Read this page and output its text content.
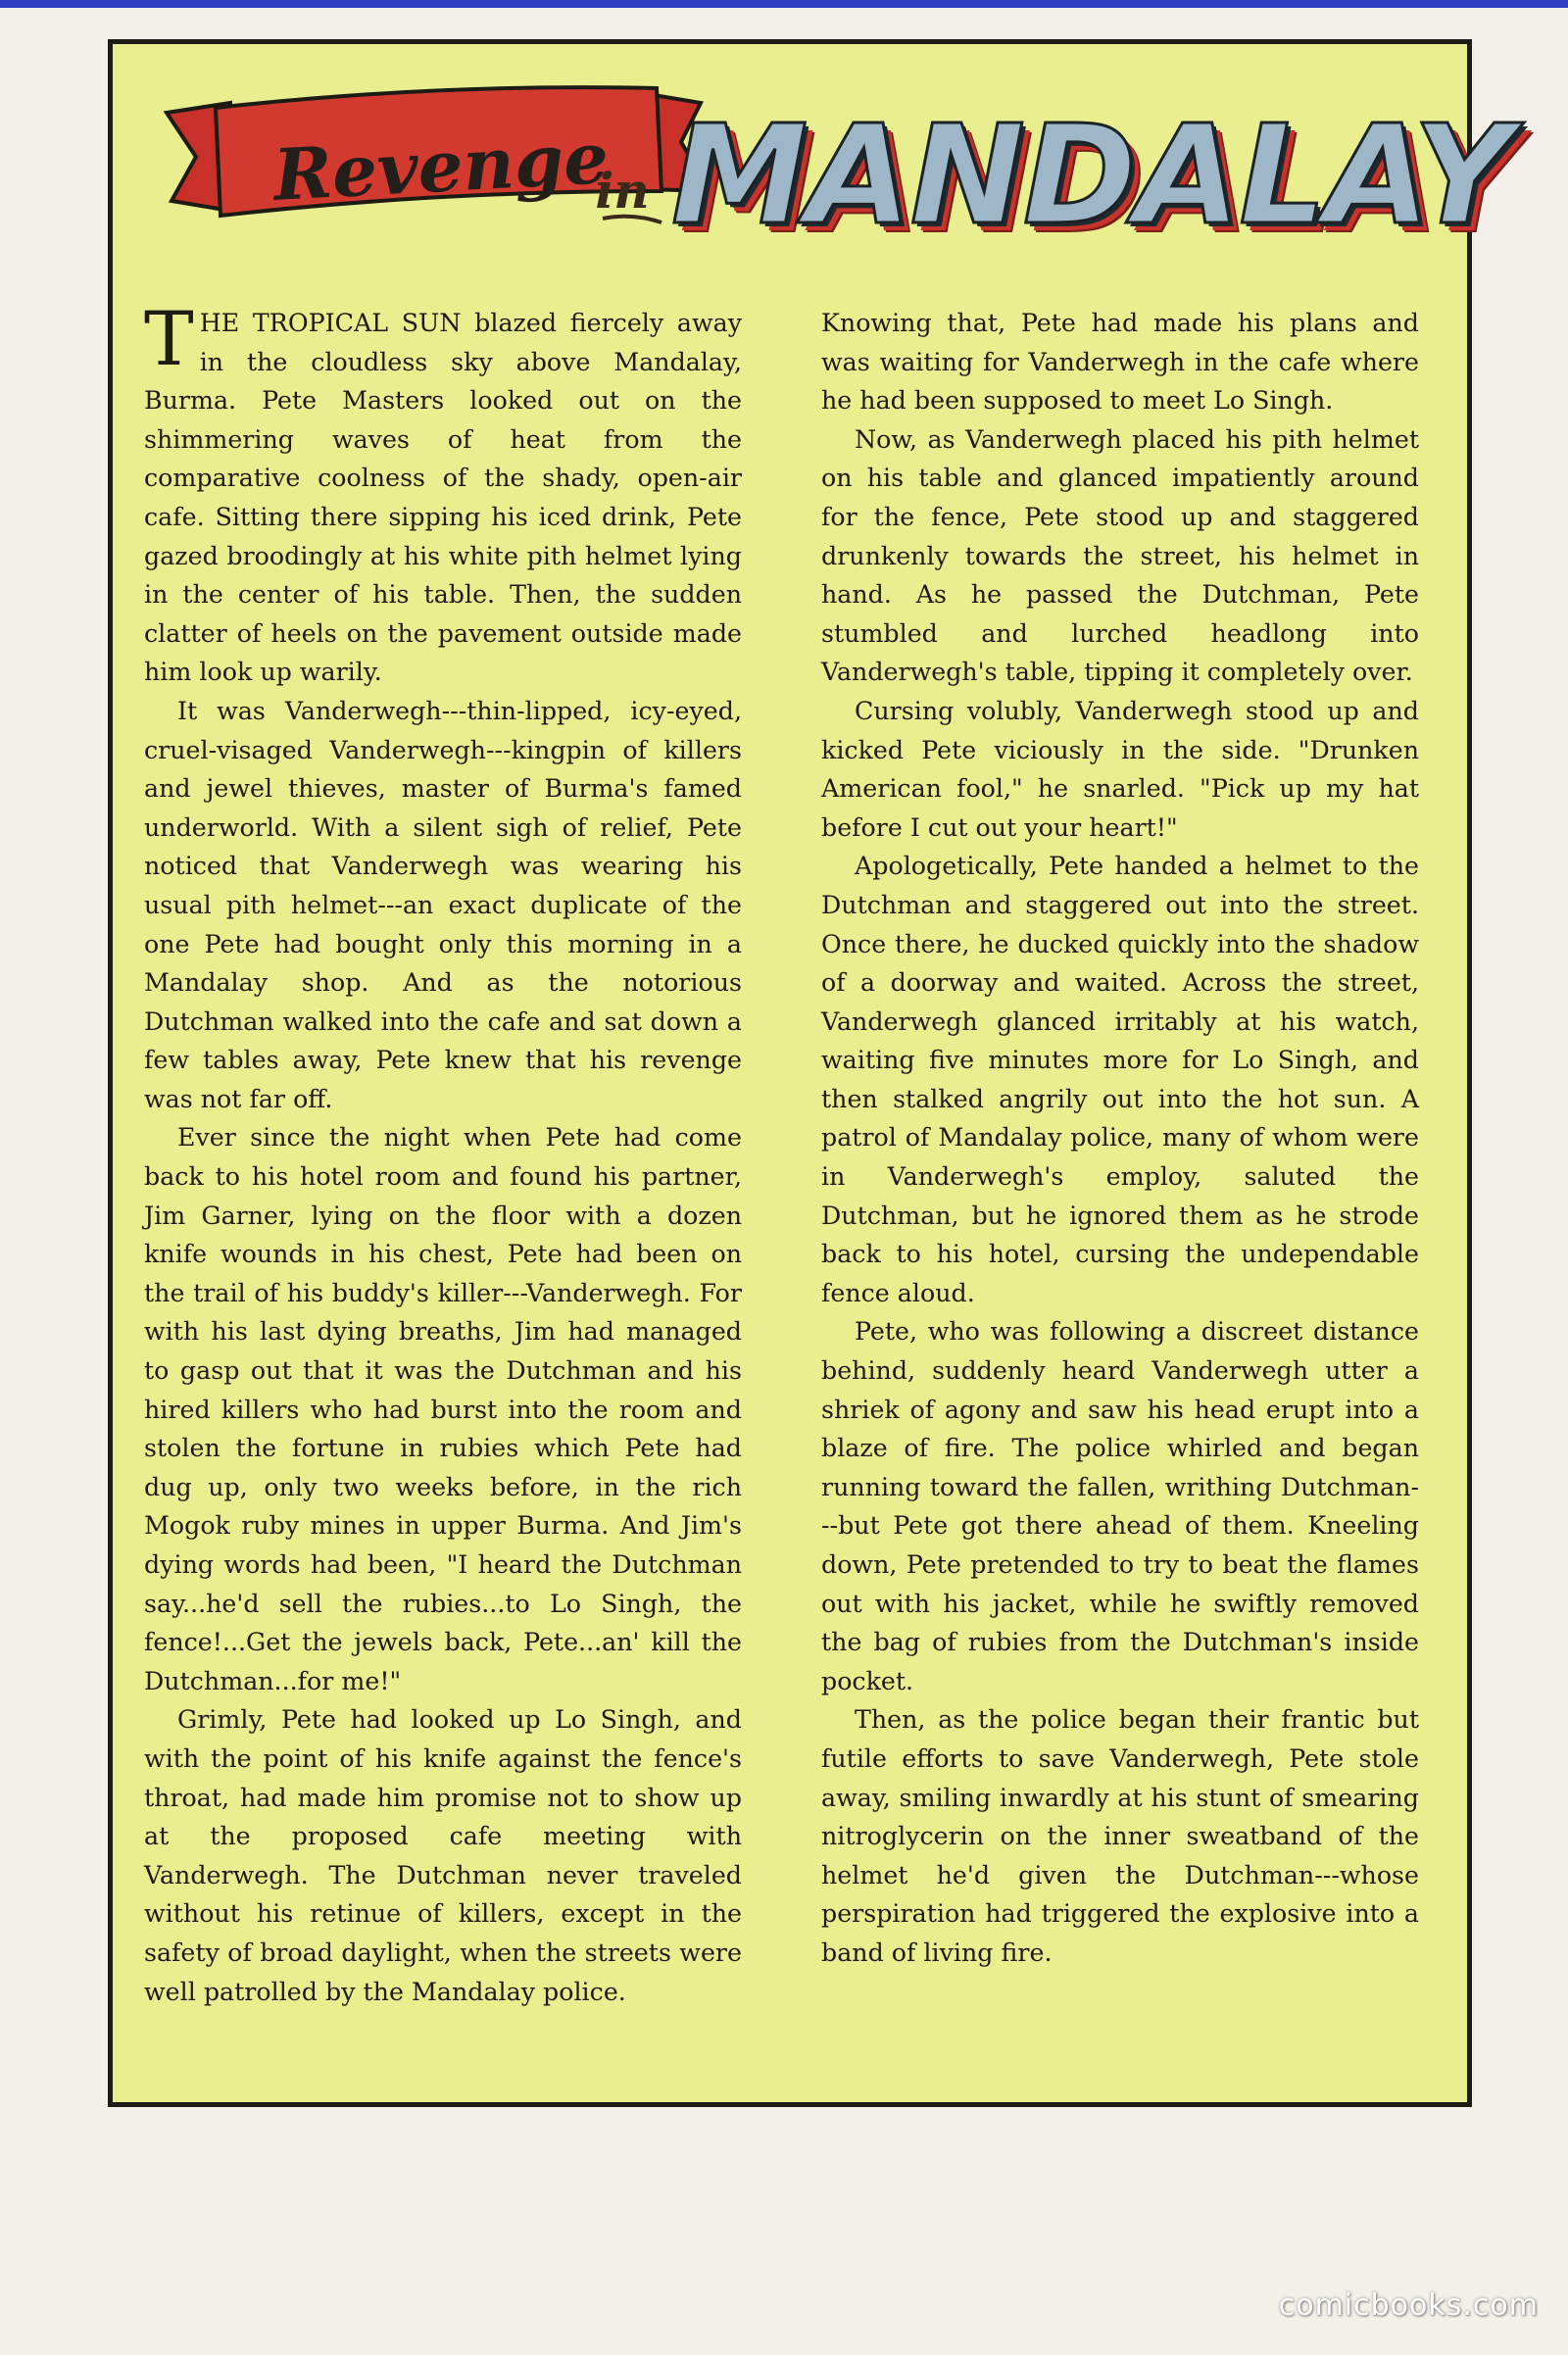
Revenge
in MANDALAY

THE TROPICAL SUN blazed fiercely away in the cloudless sky above Mandalay, Burma. Pete Masters looked out on the shimmering waves of heat from the comparative coolness of the shady, open-air cafe. Sitting there sipping his iced drink, Pete gazed broodingly at his white pith helmet lying in the center of his table. Then, the sudden clatter of heels on the pavement outside made him look up warily.

It was Vanderwegh---thin-lipped, icy-eyed, cruel-visaged Vanderwegh---kingpin of killers and jewel thieves, master of Burma's famed underworld. With a silent sigh of relief, Pete noticed that Vanderwegh was wearing his usual pith helmet---an exact duplicate of the one Pete had bought only this morning in a Mandalay shop. And as the notorious Dutchman walked into the cafe and sat down a few tables away, Pete knew that his revenge was not far off.

Ever since the night when Pete had come back to his hotel room and found his partner, Jim Garner, lying on the floor with a dozen knife wounds in his chest, Pete had been on the trail of his buddy's killer---Vanderwegh. For with his last dying breaths, Jim had managed to gasp out that it was the Dutchman and his hired killers who had burst into the room and stolen the fortune in rubies which Pete had dug up, only two weeks before, in the rich Mogok ruby mines in upper Burma. And Jim's dying words had been, "I heard the Dutchman say...he'd sell the rubies...to Lo Singh, the fence!...Get the jewels back, Pete...an' kill the Dutchman...for me!"

Grimly, Pete had looked up Lo Singh, and with the point of his knife against the fence's throat, had made him promise not to show up at the proposed cafe meeting with Vanderwegh. The Dutchman never traveled without his retinue of killers, except in the safety of broad daylight, when the streets were well patrolled by the Mandalay police.

Knowing that, Pete had made his plans and was waiting for Vanderwegh in the cafe where he had been supposed to meet Lo Singh.

Now, as Vanderwegh placed his pith helmet on his table and glanced impatiently around for the fence, Pete stood up and staggered drunkenly towards the street, his helmet in hand. As he passed the Dutchman, Pete stumbled and lurched headlong into Vanderwegh's table, tipping it completely over.

Cursing volubly, Vanderwegh stood up and kicked Pete viciously in the side. "Drunken American fool," he snarled. "Pick up my hat before I cut out your heart!"

Apologetically, Pete handed a helmet to the Dutchman and staggered out into the street. Once there, he ducked quickly into the shadow of a doorway and waited. Across the street, Vanderwegh glanced irritably at his watch, waiting five minutes more for Lo Singh, and then stalked angrily out into the hot sun. A patrol of Mandalay police, many of whom were in Vanderwegh's employ, saluted the Dutchman, but he ignored them as he strode back to his hotel, cursing the undependable fence aloud.

Pete, who was following a discreet distance behind, suddenly heard Vanderwegh utter a shriek of agony and saw his head erupt into a blaze of fire. The police whirled and began running toward the fallen, writhing Dutchman---but Pete got there ahead of them. Kneeling down, Pete pretended to try to beat the flames out with his jacket, while he swiftly removed the bag of rubies from the Dutchman's inside pocket.

Then, as the police began their frantic but futile efforts to save Vanderwegh, Pete stole away, smiling inwardly at his stunt of smearing nitroglycerin on the inner sweatband of the helmet he'd given the Dutchman---whose perspiration had triggered the explosive into a band of living fire.

comicbooks.com
